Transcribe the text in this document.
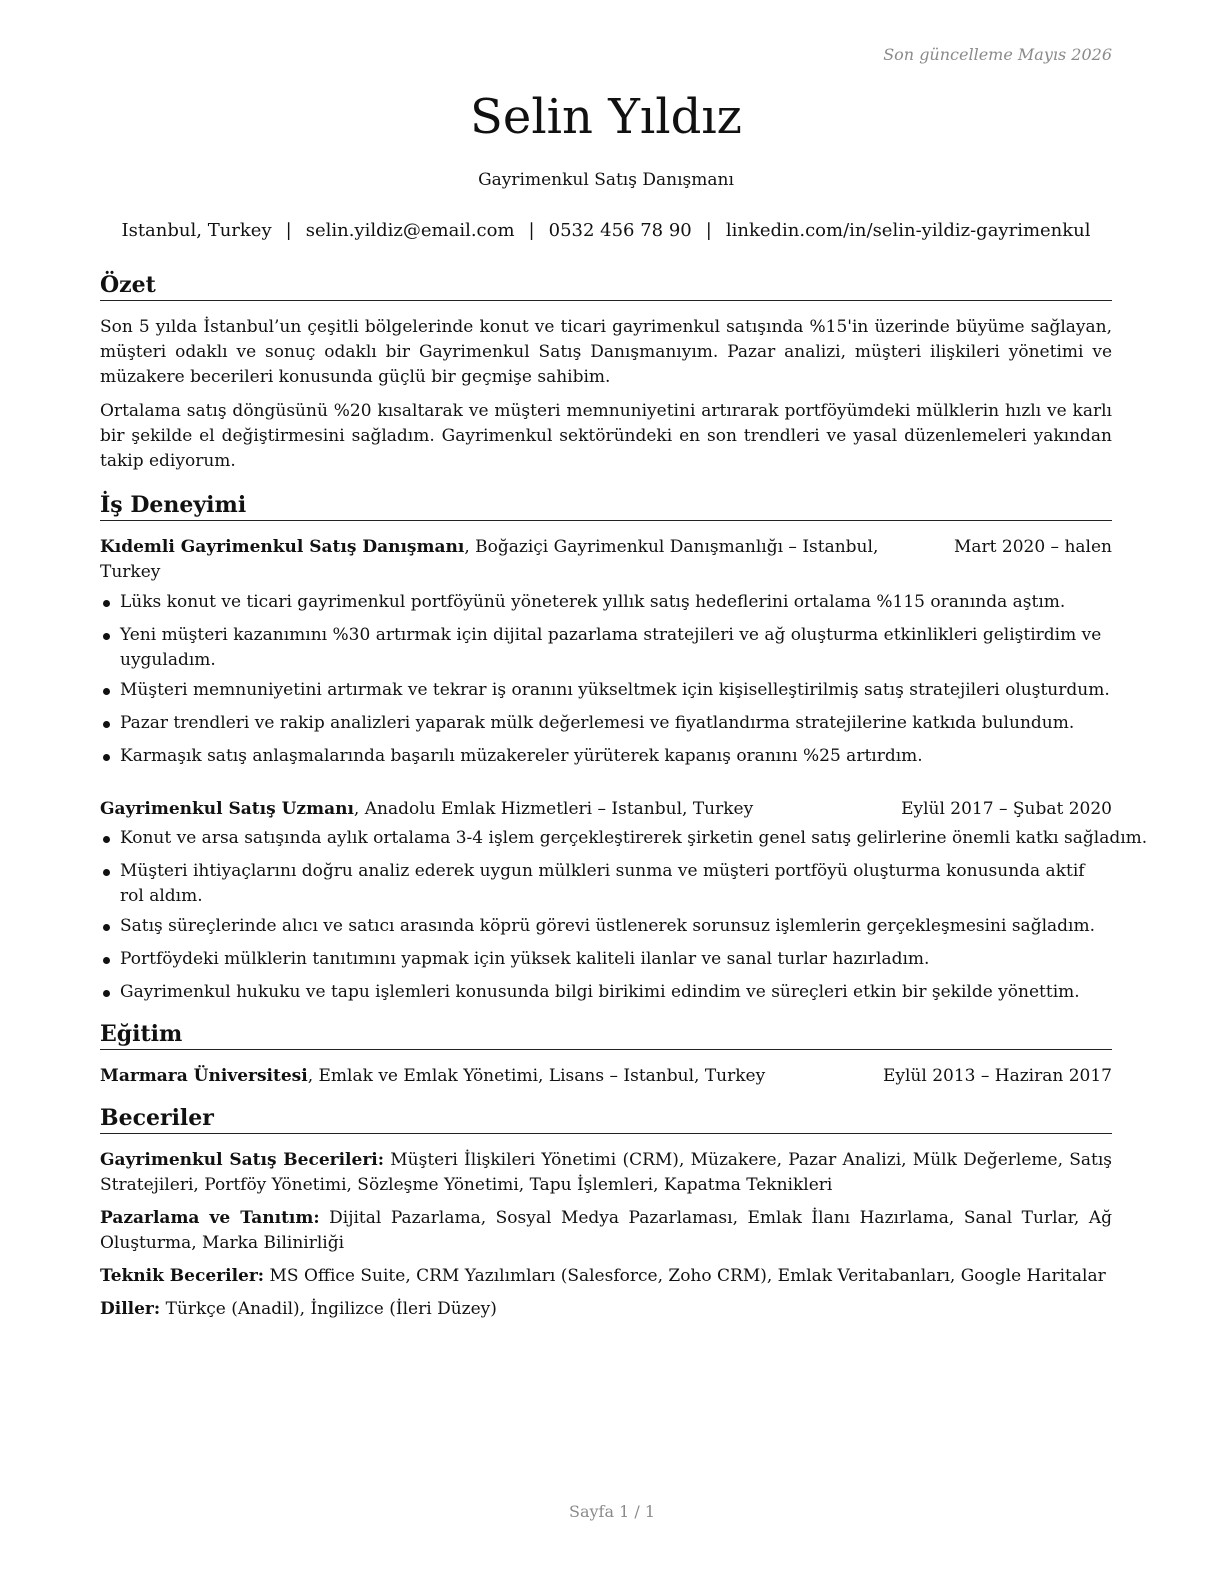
Son güncelleme Mayıs 2026
Selin Yıldız
Gayrimenkul Satış Danışmanı
Istanbul, Turkey | selin.yildiz@email.com | 0532 456 78 90 | linkedin.com/in/selin-yildiz-gayrimenkul
Özet

Son 5 yılda İstanbul’un çeşitli bölgelerinde konut ve ticari gayrimenkul satışında %15'in üzerinde büyüme sağlayan, müşteri odaklı ve sonuç odaklı bir Gayrimenkul Satış Danışmanıyım. Pazar analizi, müşteri ilişkileri yönetimi ve müzakere becerileri konusunda güçlü bir geçmişe sahibim.

Ortalama satış döngüsünü %20 kısaltarak ve müşteri memnuniyetini artırarak portföyümdeki mülklerin hızlı ve karlı bir şekilde el değiştirmesini sağladım. Gayrimenkul sektöründeki en son trendleri ve yasal düzenlemeleri yakından takip ediyorum.

İş Deneyimi
Kıdemli Gayrimenkul Satış Danışmanı, Boğaziçi Gayrimenkul Danışmanlığı – Istanbul, Turkey
Mart 2020 – halen
Lüks konut ve ticari gayrimenkul portföyünü yöneterek yıllık satış hedeflerini ortalama %115 oranında aştım.
Yeni müşteri kazanımını %30 artırmak için dijital pazarlama stratejileri ve ağ oluşturma etkinlikleri geliştirdim ve uyguladım.
Müşteri memnuniyetini artırmak ve tekrar iş oranını yükseltmek için kişiselleştirilmiş satış stratejileri oluşturdum.
Pazar trendleri ve rakip analizleri yaparak mülk değerlemesi ve fiyatlandırma stratejilerine katkıda bulundum.
Karmaşık satış anlaşmalarında başarılı müzakereler yürüterek kapanış oranını %25 artırdım.
Gayrimenkul Satış Uzmanı, Anadolu Emlak Hizmetleri – Istanbul, Turkey	Eylül 2017 – Şubat 2020
Konut ve arsa satışında aylık ortalama 3-4 işlem gerçekleştirerek şirketin genel satış gelirlerine önemli katkı sağladım.
Müşteri ihtiyaçlarını doğru analiz ederek uygun mülkleri sunma ve müşteri portföyü oluşturma konusunda aktif rol aldım.
Satış süreçlerinde alıcı ve satıcı arasında köprü görevi üstlenerek sorunsuz işlemlerin gerçekleşmesini sağladım.
Portföydeki mülklerin tanıtımını yapmak için yüksek kaliteli ilanlar ve sanal turlar hazırladım.
Gayrimenkul hukuku ve tapu işlemleri konusunda bilgi birikimi edindim ve süreçleri etkin bir şekilde yönettim.
Eğitim
Marmara Üniversitesi, Emlak ve Emlak Yönetimi, Lisans – Istanbul, Turkey	Eylül 2013 – Haziran 2017
Beceriler
Gayrimenkul Satış Becerileri: Müşteri İlişkileri Yönetimi (CRM), Müzakere, Pazar Analizi, Mülk Değerleme, Satış Stratejileri, Portföy Yönetimi, Sözleşme Yönetimi, Tapu İşlemleri, Kapatma Teknikleri
Pazarlama ve Tanıtım: Dijital Pazarlama, Sosyal Medya Pazarlaması, Emlak İlanı Hazırlama, Sanal Turlar, Ağ Oluşturma, Marka Bilinirliği
Teknik Beceriler: MS Office Suite, CRM Yazılımları (Salesforce, Zoho CRM), Emlak Veritabanları, Google Haritalar
Diller: Türkçe (Anadil), İngilizce (İleri Düzey)
Sayfa 1 / 1
